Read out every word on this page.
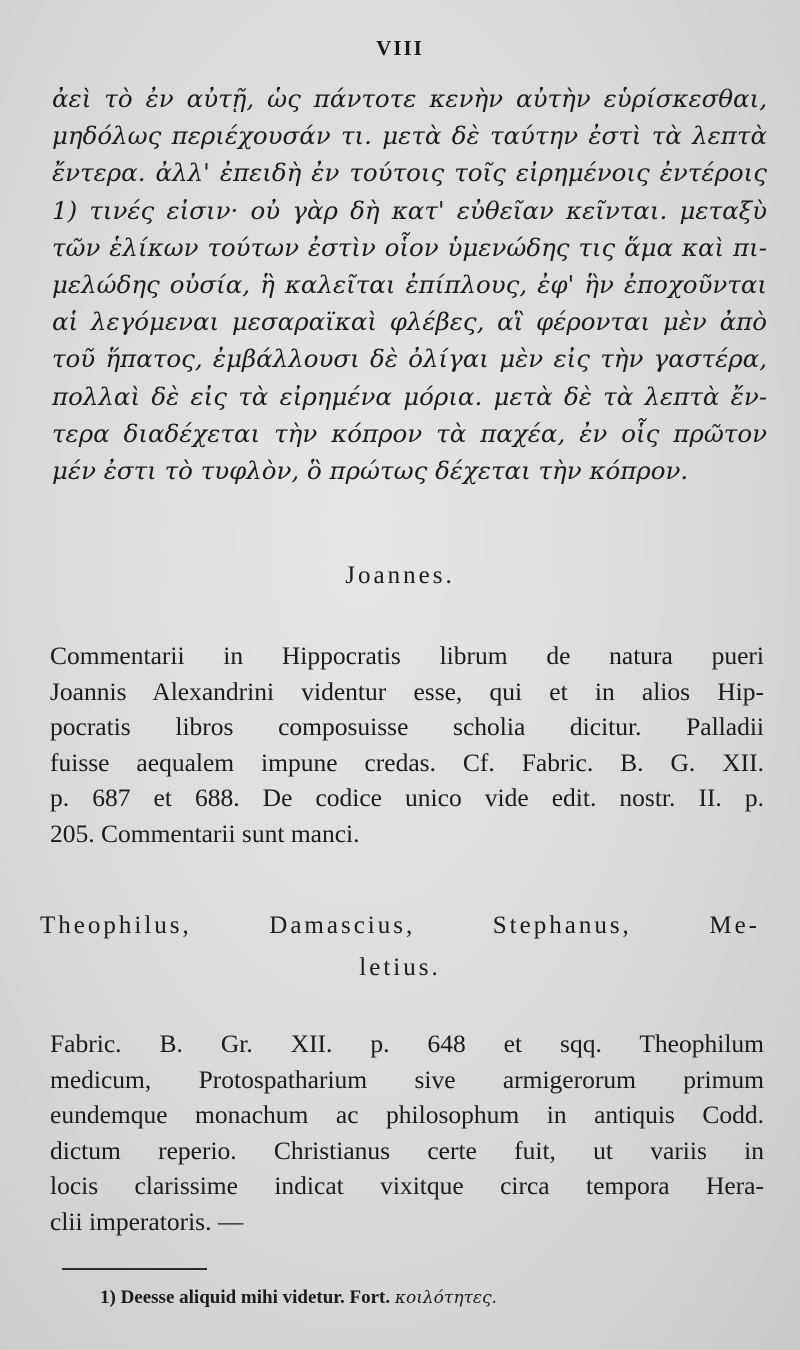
VIII
ἀεὶ τὸ ἐν αὐτῇ, ὡς πάντοτε κενὴν αὐτὴν εὑρίσκεσθαι,
μηδόλως περιέχουσάν τι. μετὰ δὲ ταύτην ἐστὶ τὰ λεπτὰ
ἔντερα. ἀλλ' ἐπειδὴ ἐν τούτοις τοῖς εἰρημένοις ἐντέροις
1) τινές εἰσιν· οὐ γὰρ δὴ κατ' εὐθεῖαν κεῖνται. μεταξὺ
τῶν ἑλίκων τούτων ἐστὶν οἷον ὑμενώδης τις ἅμα καὶ πι-
μελώδης οὐσία, ἣ καλεῖται ἐπίπλους, ἐφ' ἣν ἐποχοῦνται
αἱ λεγόμεναι μεσαραϊκαὶ φλέβες, αἳ φέρονται μὲν ἀπὸ
τοῦ ἥπατος, ἐμβάλλουσι δὲ ὀλίγαι μὲν εἰς τὴν γαστέρα,
πολλαὶ δὲ εἰς τὰ εἰρημένα μόρια. μετὰ δὲ τὰ λεπτὰ ἔν-
τερα διαδέχεται τὴν κόπρον τὰ παχέα, ἐν οἷς πρῶτον
μέν ἐστι τὸ τυφλὸν, ὃ πρώτως δέχεται τὴν κόπρον.
Joannes.
Commentarii in Hippocratis librum de natura pueri
Joannis Alexandrini videntur esse, qui et in alios Hip-
pocratis libros composuisse scholia dicitur. Palladii
fuisse aequalem impune credas. Cf. Fabric. B. G. XII.
p. 687 et 688. De codice unico vide edit. nostr. II. p.
205. Commentarii sunt manci.
Theophilus, Damascius, Stephanus, Me-
letius.
Fabric. B. Gr. XII. p. 648 et sqq. Theophilum
medicum, Protospatharium sive armigerorum primum
eundemque monachum ac philosophum in antiquis Codd.
dictum reperio. Christianus certe fuit, ut variis in
locis clarissime indicat vixitque circa tempora Hera-
clii imperatoris. —
1) Deesse aliquid mihi videtur. Fort. κοιλότητες.
